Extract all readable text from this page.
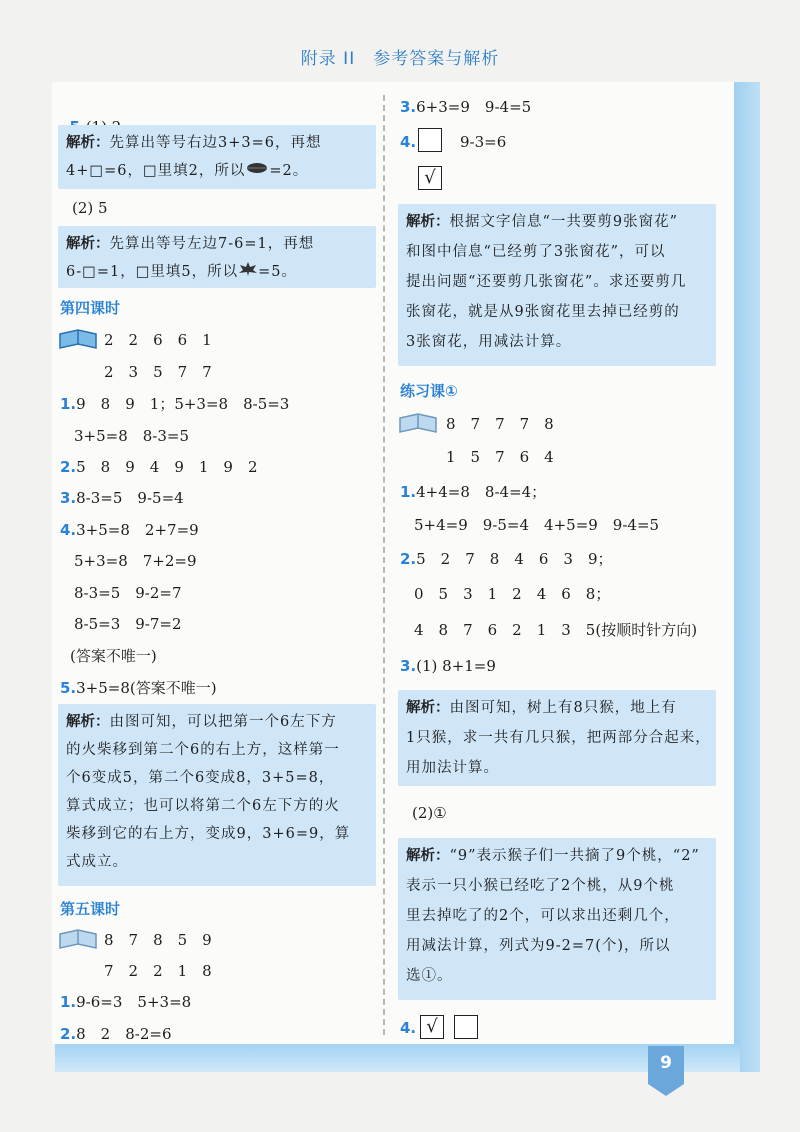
附录 II　参考答案与解析

解析：先算出等号右边3+3=6，再想
4+□=6，□里填2，所以 =2。
(2) 5
解析：先算出等号左边7-6=1，再想
6-□=1，□里填5，所以 =5。
第四课时
2　2　6　6　1
2　3　5　7　7
1.9　8　9　1；5+3=8　8-5=3
3+5=8　8-3=5
2.5　8　9　4　9　1　9　2
3.8-3=5　9-5=4
4.3+5=8　2+7=9
5+3=8　7+2=9
8-3=5　9-2=7
8-5=3　9-7=2
(答案不唯一)
5.3+5=8(答案不唯一)
解析：由图可知，可以把第一个6左下方
的火柴移到第二个6的右上方，这样第一
个6变成5，第二个6变成8，3+5=8，
算式成立；也可以将第二个6左下方的火
柴移到它的右上方，变成9，3+6=9，算
式成立。
第五课时
8　7　8　5　9
7　2　2　1　8
1.9-6=3　5+3=8
2.8　2　8-2=6
3.6+3=9　9-4=5
4.	9-3=6
√
解析：根据文字信息“一共要剪9张窗花”
和图中信息“已经剪了3张窗花”，可以
提出问题“还要剪几张窗花”。求还要剪几
张窗花，就是从9张窗花里去掉已经剪的
3张窗花，用减法计算。
练习课①
8　7　7　7　8
1　5　7　6　4
1.4+4=8　8-4=4；
5+4=9　9-5=4　4+5=9　9-4=5
2.5　2　7　8　4　6　3　9；
0　5　3　1　2　4　6　8；
4　8　7　6　2　1　3　5(按顺时针方向)
3.(1) 8+1=9
解析：由图可知，树上有8只猴，地上有
1只猴，求一共有几只猴，把两部分合起来，
用加法计算。
(2)①
解析：“9”表示猴子们一共摘了9个桃，“2”
表示一只小猴已经吃了2个桃，从9个桃
里去掉吃了的2个，可以求出还剩几个，
用减法计算，列式为9-2=7(个)，所以
选①。
4. √
9
